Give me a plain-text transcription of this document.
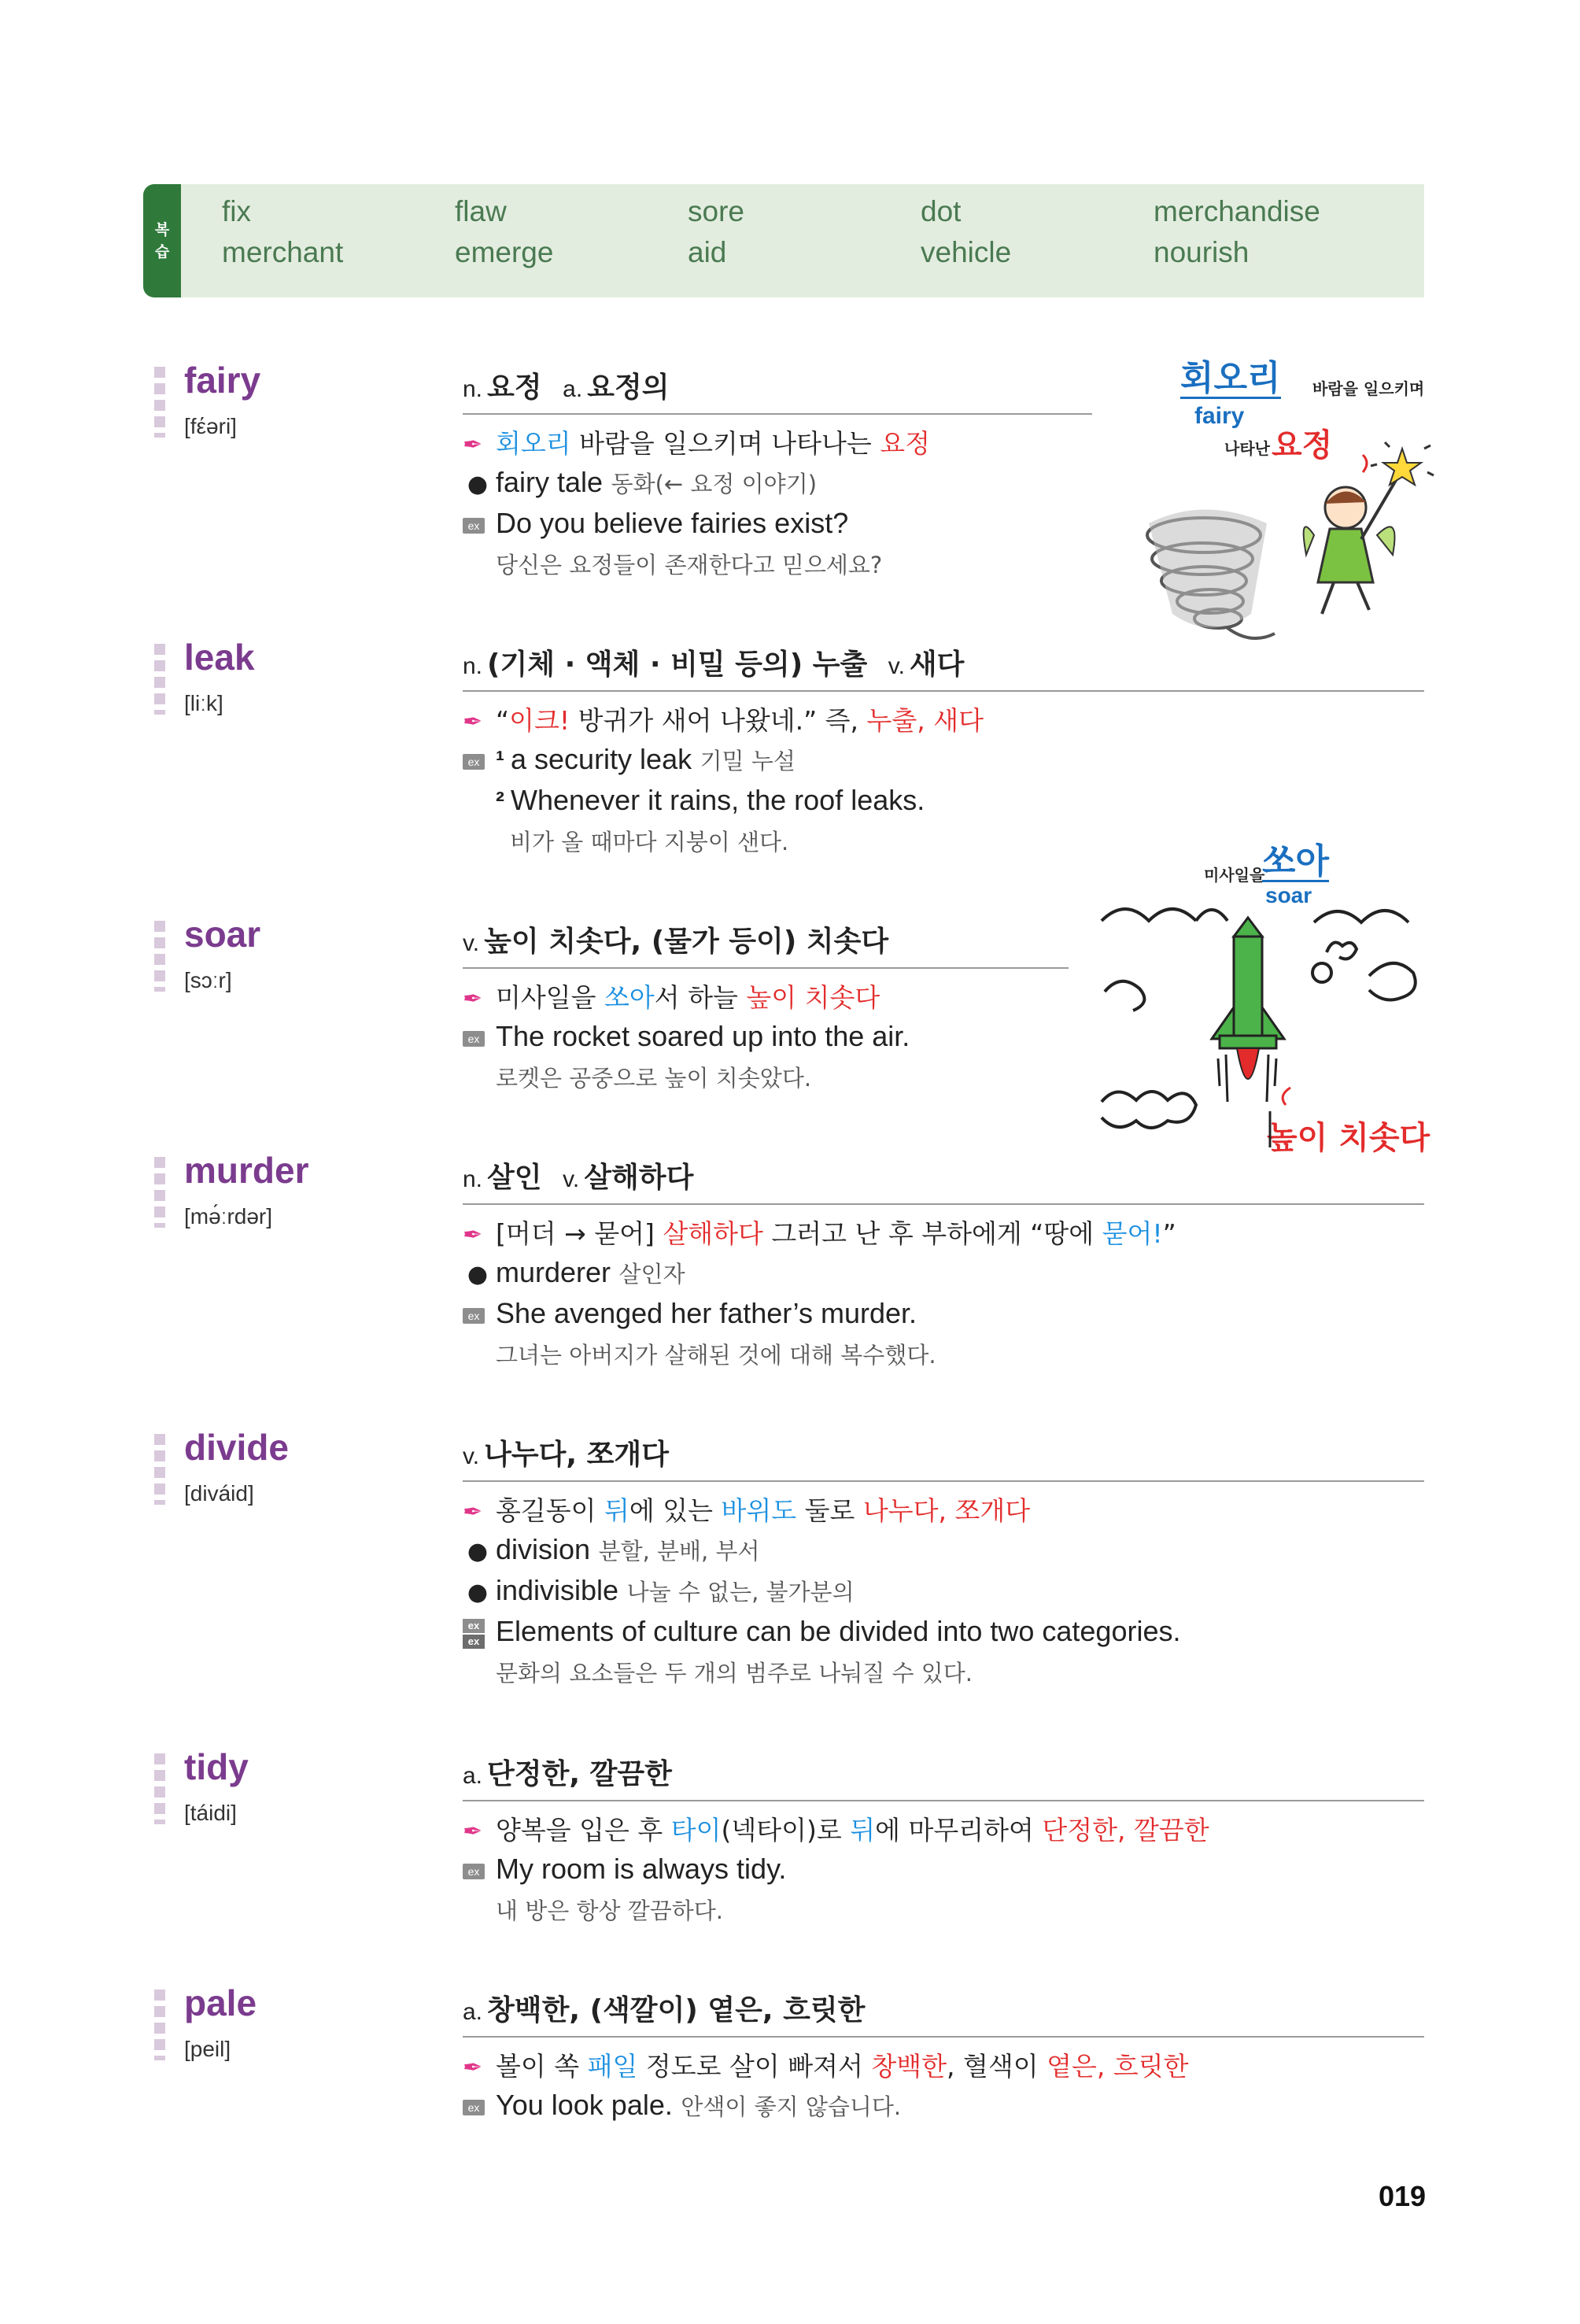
복
습
fix	flaw	sore	dot	merchandise
merchant	emerge	aid	vehicle	nourish
fairy
[fέəri]
n. 요정 a. 요정의
✒ 회오리 바람을 일으키며 나타나는 요정
● fairy tale 동화(← 요정 이야기)
ex Do you believe fairies exist?
당신은 요정들이 존재한다고 믿으세요?
leak
[liːk]
n. (기체 · 액체 · 비밀 등의) 누출 v. 새다
✒ “이크! 방귀가 새어 나왔네.” 즉, 누출, 새다
ex ¹ a security leak 기밀 누설
² Whenever it rains, the roof leaks.
비가 올 때마다 지붕이 샌다.
soar
[sɔːr]
v. 높이 치솟다, (물가 등이) 치솟다
✒ 미사일을 쏘아서 하늘 높이 치솟다
ex The rocket soared up into the air.
로켓은 공중으로 높이 치솟았다.
murder
[mə́ːrdər]
n. 살인 v. 살해하다
✒ [머더 → 묻어] 살해하다 그러고 난 후 부하에게 “땅에 묻어!”
● murderer 살인자
ex She avenged her father’s murder.
그녀는 아버지가 살해된 것에 대해 복수했다.
divide
[diváid]
v. 나누다, 쪼개다
✒ 홍길동이 뒤에 있는 바위도 둘로 나누다, 쪼개다
● division 분할, 분배, 부서
● indivisible 나눌 수 없는, 불가분의
ex
ex Elements of culture can be divided into two categories.
문화의 요소들은 두 개의 범주로 나눠질 수 있다.
tidy
[táidi]
a. 단정한, 깔끔한
✒ 양복을 입은 후 타이(넥타이)로 뒤에 마무리하여 단정한, 깔끔한
ex My room is always tidy.
내 방은 항상 깔끔하다.
pale
[peil]
a. 창백한, (색깔이) 옅은, 흐릿한
✒ 볼이 쏙 패일 정도로 살이 빠져서 창백한, 혈색이 옅은, 흐릿한
ex You look pale. 안색이 좋지 않습니다.
회오리 바람을 일으키며
fairy
나타난 요정
미사일을
쏘아
soar
높이 치솟다
019
